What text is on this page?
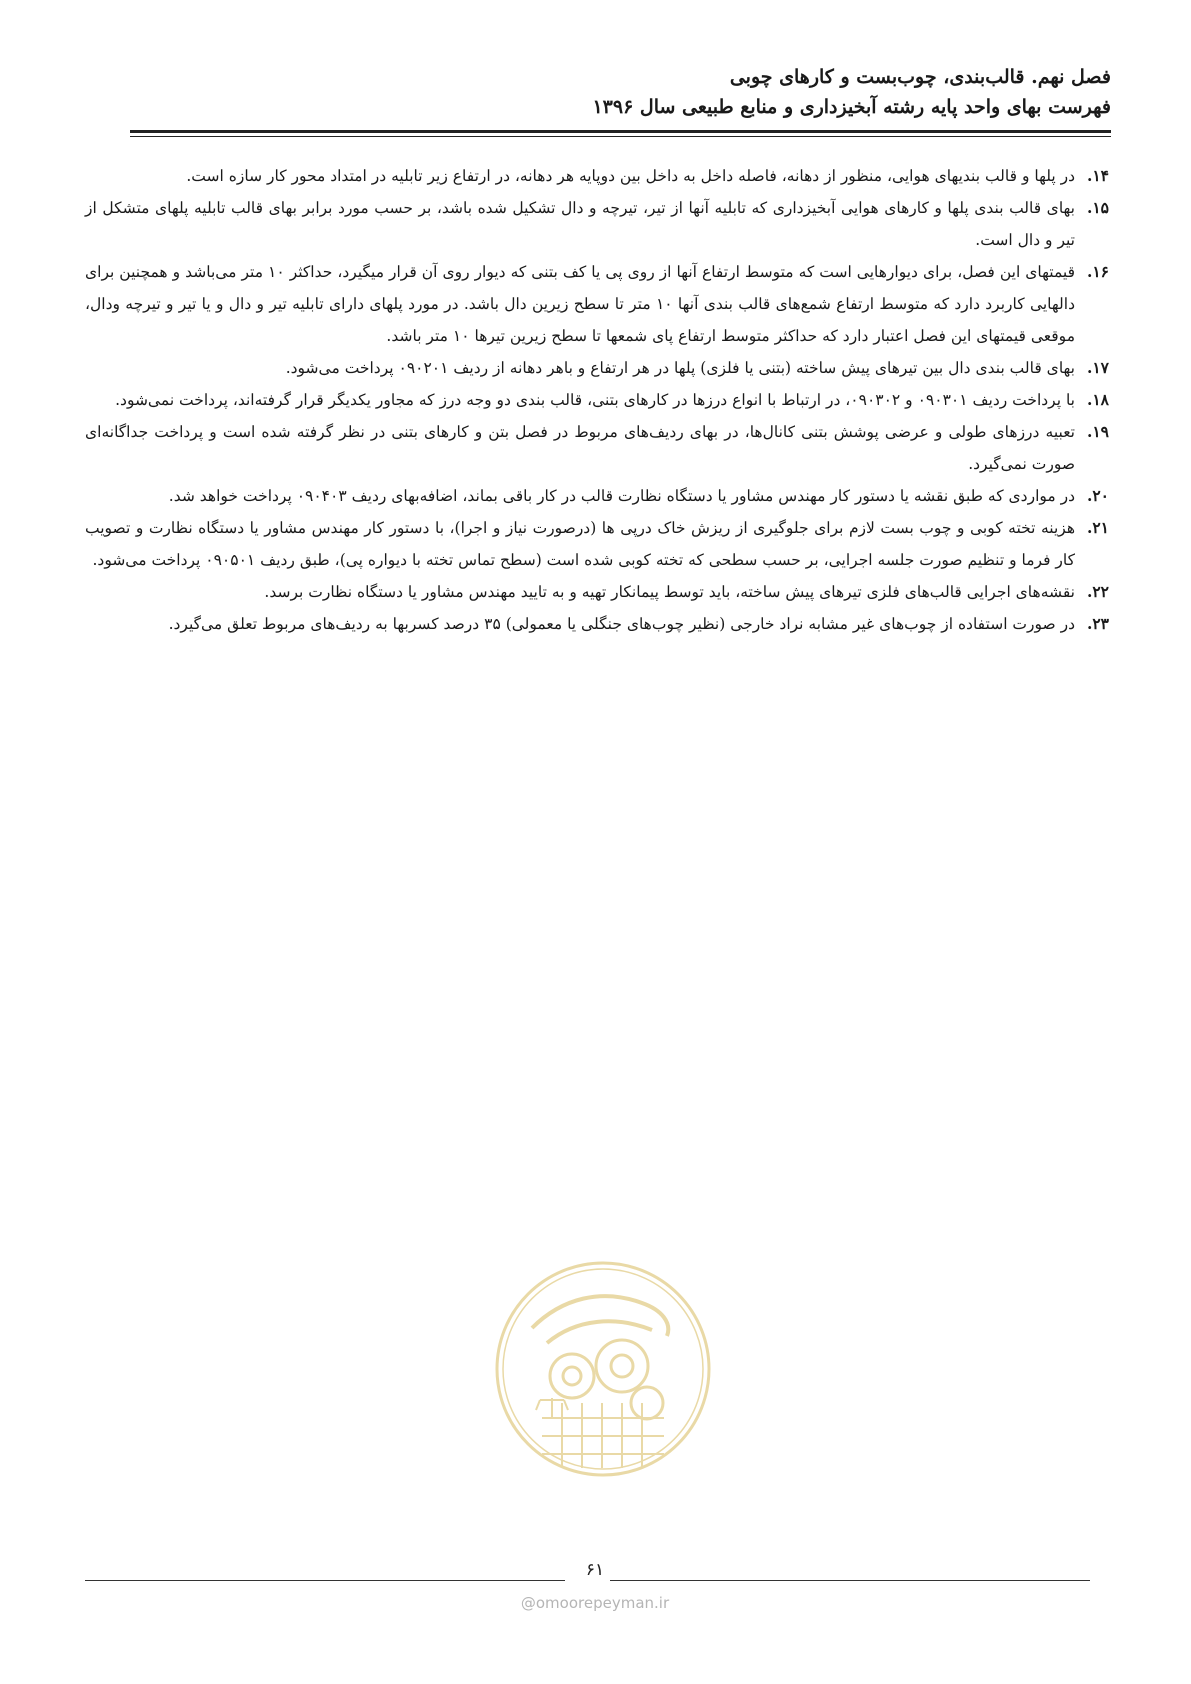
فصل نهم. قالب‌بندی، چوب‌بست و کارهای چوبی
فهرست بهای واحد پایه رشته آبخیزداری و منابع طبیعی سال ۱۳۹۶
۱۴.
در پلها و قالب بندیهای هوایی، منظور از دهانه، فاصله داخل به داخل بین دوپایه هر دهانه، در ارتفاع زیر تابلیه در امتداد محور کار سازه است.
۱۵.
بهای قالب بندی پلها و کارهای هوایی آبخیزداری که تابلیه آنها از تیر، تیرچه و دال تشکیل شده باشد، بر حسب مورد برابر بهای قالب تابلیه پلهای متشکل از تیر و دال است.
۱۶.
قیمتهای این فصل، برای دیوارهایی است که متوسط ارتفاع آنها از روی پی یا کف بتنی که دیوار روی آن قرار میگیرد، حداکثر ۱۰ متر می‌باشد و همچنین برای دالهایی کاربرد دارد که متوسط ارتفاع شمع‌های قالب بندی آنها ۱۰ متر تا سطح زیرین دال باشد. در مورد پلهای دارای تابلیه تیر و دال و یا تیر و تیرچه ودال، موقعی قیمتهای این فصل اعتبار دارد که حداکثر متوسط ارتفاع پای شمعها تا سطح زیرین تیرها ۱۰ متر باشد.
۱۷.
بهای قالب بندی دال بین تیرهای پیش ساخته (بتنی یا فلزی) پلها در هر ارتفاع و باهر دهانه از ردیف ۰۹۰۲۰۱ پرداخت می‌شود.
۱۸.
با پرداخت ردیف ۰۹۰۳۰۱ و ۰۹۰۳۰۲، در ارتباط با انواع درزها در کارهای بتنی، قالب بندی دو وجه درز که مجاور یکدیگر قرار گرفته‌اند، پرداخت نمی‌شود.
۱۹.
تعبیه درزهای طولی و عرضی پوشش بتنی کانال‌ها، در بهای ردیف‌های مربوط در فصل بتن و کارهای بتنی در نظر گرفته شده است و پرداخت جداگانه‌ای صورت نمی‌گیرد.
۲۰.
در مواردی که طبق نقشه یا دستور کار مهندس مشاور یا دستگاه نظارت قالب در کار باقی بماند، اضافه‌بهای ردیف ۰۹۰۴۰۳ پرداخت خواهد شد.
۲۱.
هزینه تخته کوبی و چوب بست لازم برای جلوگیری از ریزش خاک درپی ها (درصورت نیاز و اجرا)، با دستور کار مهندس مشاور یا دستگاه نظارت و تصویب کار فرما و تنظیم صورت جلسه اجرایی، بر حسب سطحی که تخته کوبی شده است (سطح تماس تخته با دیواره پی)، طبق ردیف ۰۹۰۵۰۱ پرداخت می‌شود.
۲۲.
نقشه‌های اجرایی قالب‌های فلزی تیرهای پیش ساخته، باید توسط پیمانکار تهیه و به تایید مهندس مشاور یا دستگاه نظارت برسد.
۲۳.
در صورت استفاده از چوب‌های غیر مشابه نراد خارجی (نظیر چوب‌های جنگلی یا معمولی) ۳۵ درصد کسربها به ردیف‌های مربوط تعلق می‌گیرد.
۶۱
@omoorepeyman.ir
